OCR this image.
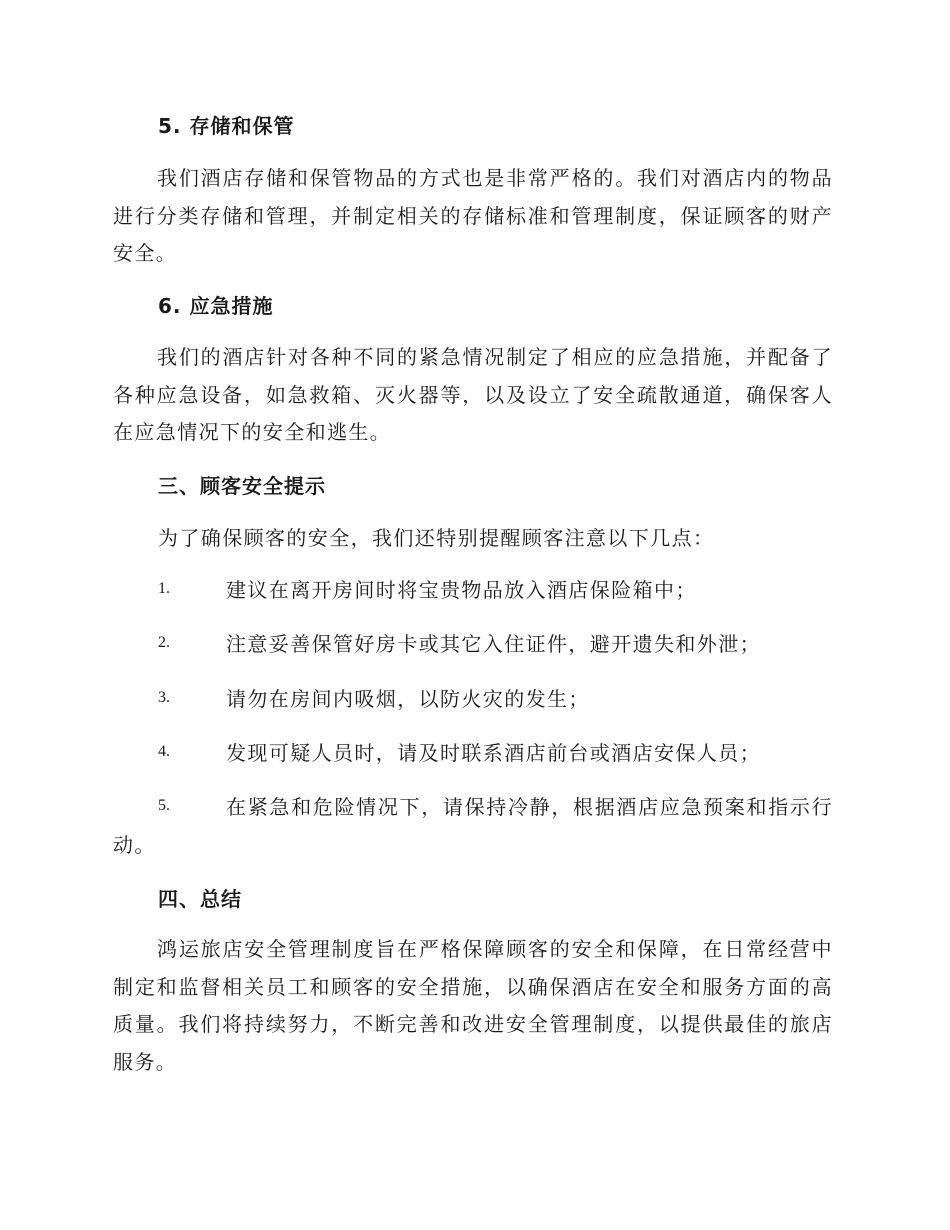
5. 存储和保管
我们酒店存储和保管物品的方式也是非常严格的。我们对酒店内的物品进行分类存储和管理，并制定相关的存储标准和管理制度，保证顾客的财产安全。
6. 应急措施
我们的酒店针对各种不同的紧急情况制定了相应的应急措施，并配备了各种应急设备，如急救箱、灭火器等，以及设立了安全疏散通道，确保客人在应急情况下的安全和逃生。
三、顾客安全提示
为了确保顾客的安全，我们还特别提醒顾客注意以下几点：
1.	建议在离开房间时将宝贵物品放入酒店保险箱中；
2.	注意妥善保管好房卡或其它入住证件，避开遗失和外泄；
3.	请勿在房间内吸烟，以防火灾的发生；
4.	发现可疑人员时，请及时联系酒店前台或酒店安保人员；
5.	在紧急和危险情况下，请保持冷静，根据酒店应急预案和指示行动。
四、总结
鸿运旅店安全管理制度旨在严格保障顾客的安全和保障，在日常经营中制定和监督相关员工和顾客的安全措施，以确保酒店在安全和服务方面的高质量。我们将持续努力，不断完善和改进安全管理制度，以提供最佳的旅店服务。
